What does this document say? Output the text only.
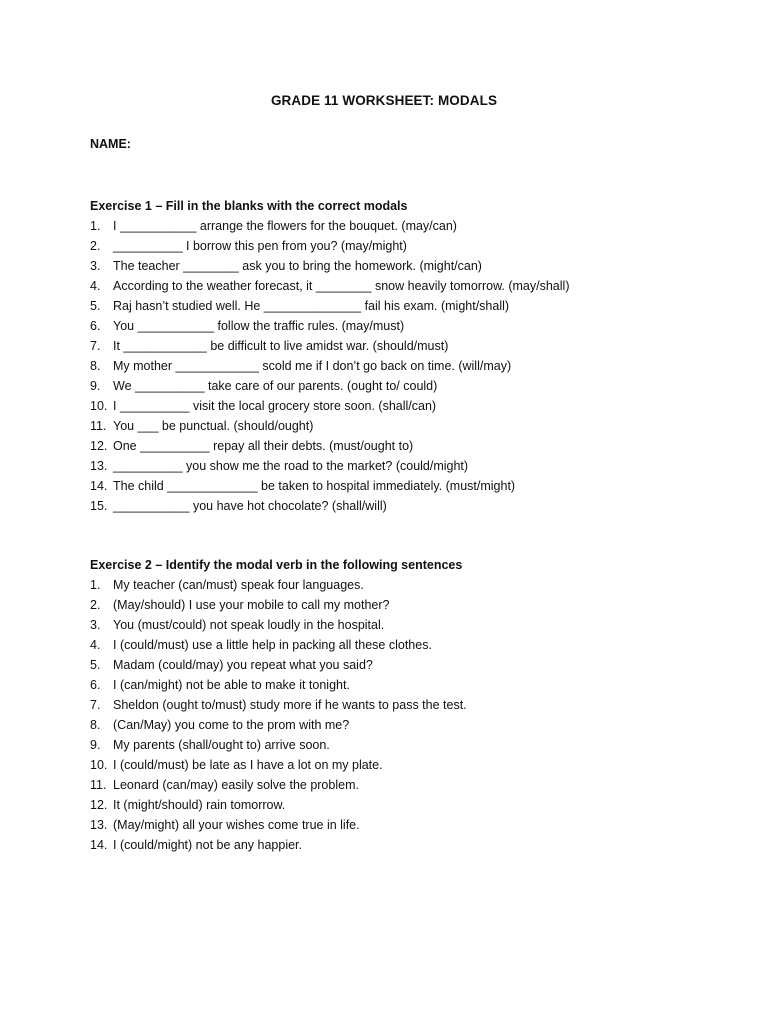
GRADE 11 WORKSHEET: MODALS
NAME:
Exercise 1 – Fill in the blanks with the correct modals
1. I ___________ arrange the flowers for the bouquet. (may/can)
2. __________ I borrow this pen from you? (may/might)
3. The teacher ________ ask you to bring the homework. (might/can)
4. According to the weather forecast, it ________ snow heavily tomorrow. (may/shall)
5. Raj hasn’t studied well. He ______________ fail his exam. (might/shall)
6. You ___________ follow the traffic rules. (may/must)
7. It ____________ be difficult to live amidst war. (should/must)
8. My mother ____________ scold me if I don’t go back on time. (will/may)
9. We __________ take care of our parents. (ought to/ could)
10. I __________ visit the local grocery store soon. (shall/can)
11. You ___ be punctual. (should/ought)
12. One __________ repay all their debts. (must/ought to)
13. __________ you show me the road to the market? (could/might)
14. The child _____________ be taken to hospital immediately. (must/might)
15. ___________ you have hot chocolate? (shall/will)
Exercise 2 – Identify the modal verb in the following sentences
1. My teacher (can/must) speak four languages.
2. (May/should) I use your mobile to call my mother?
3. You (must/could) not speak loudly in the hospital.
4. I (could/must) use a little help in packing all these clothes.
5. Madam (could/may) you repeat what you said?
6. I (can/might) not be able to make it tonight.
7. Sheldon (ought to/must) study more if he wants to pass the test.
8. (Can/May) you come to the prom with me?
9. My parents (shall/ought to) arrive soon.
10. I (could/must) be late as I have a lot on my plate.
11. Leonard (can/may) easily solve the problem.
12. It (might/should) rain tomorrow.
13. (May/might) all your wishes come true in life.
14. I (could/might) not be any happier.
